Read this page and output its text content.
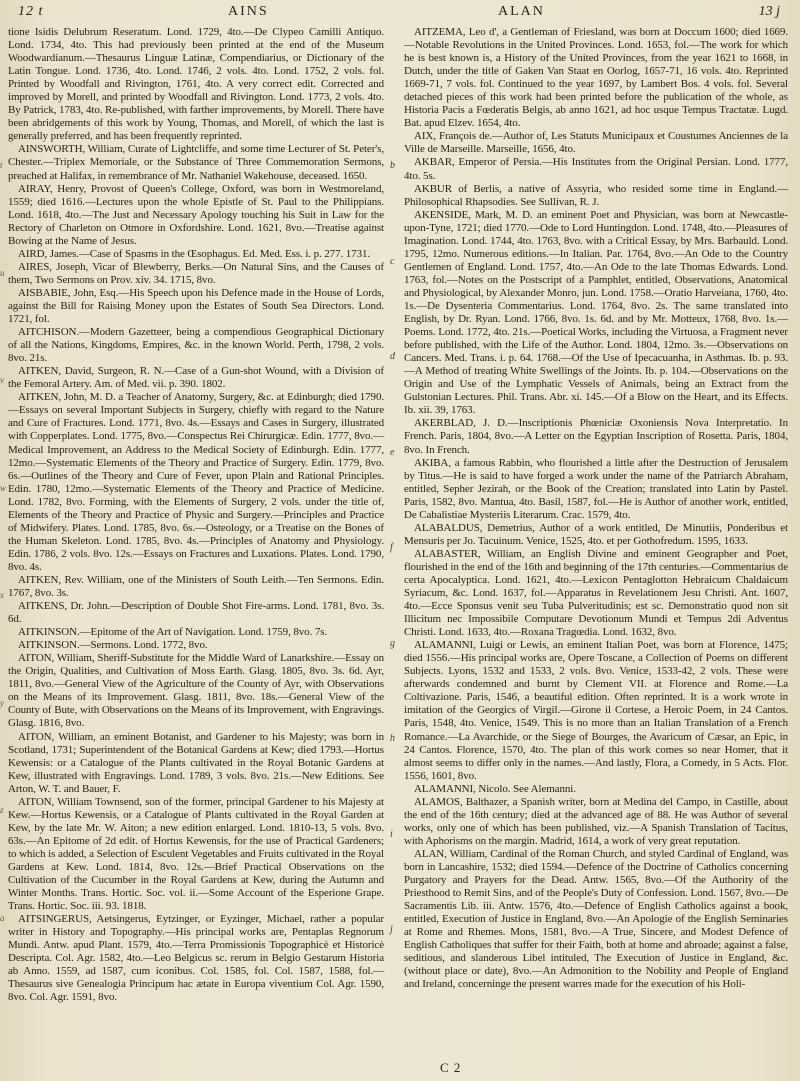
12 t	AINS	ALAN	13 j
t
u
v
w
x
y
z
a
b
c
d
e
f
g
h
i
j

tione Isidis Delubrum Reseratum. Lond. 1729, 4to.—De Clypeo Camilli Antiquo. Lond. 1734, 4to. This had previously been printed at the end of the Museum Woodwardianum.—Thesaurus Linguæ Latinæ, Compendiarius, or Dictionary of the Latin Tongue. Lond. 1736, 4to. Lond. 1746, 2 vols. 4to. Lond. 1752, 2 vols. fol. Printed by Woodfall and Rivington, 1761, 4to. A very correct edit. Corrected and improved by Morell, and printed by Woodfall and Rivington. Lond. 1773, 2 vols. 4to. By Patrick, 1783, 4to. Re-published, with farther improvements, by Morell. There have been abridgements of this work by Young, Thomas, and Morell, of which the last is generally preferred, and has been frequently reprinted.

AINSWORTH, William, Curate of Lightcliffe, and some time Lecturer of St. Peter's, Chester.—Triplex Memoriale, or the Substance of Three Commemoration Sermons, preached at Halifax, in remembrance of Mr. Nathaniel Wakehouse, deceased. 1650.

AIRAY, Henry, Provost of Queen's College, Oxford, was born in Westmoreland, 1559; died 1616.—Lectures upon the whole Epistle of St. Paul to the Philippians. Lond. 1618, 4to.—The Just and Necessary Apology touching his Suit in Law for the Rectory of Charleton on Otmore in Oxfordshire. Lond. 1621, 8vo.—Treatise against Bowing at the Name of Jesus.

AIRD, James.—Case of Spasms in the Œsophagus. Ed. Med. Ess. i. p. 277. 1731.

AIRES, Joseph, Vicar of Blewberry, Berks.—On Natural Sins, and the Causes of them, Two Sermons on Prov. xiv. 34. 1715, 8vo.

AISBABIE, John, Esq.—His Speech upon his Defence made in the House of Lords, against the Bill for Raising Money upon the Estates of South Sea Directors. Lond. 1721, fol.

AITCHISON.—Modern Gazetteer, being a compendious Geographical Dictionary of all the Nations, Kingdoms, Empires, &c. in the known World. Perth, 1798, 2 vols. 8vo. 21s.

AITKEN, David, Surgeon, R. N.—Case of a Gun-shot Wound, with a Division of the Femoral Artery. Am. of Med. vii. p. 390. 1802.

AITKEN, John, M. D. a Teacher of Anatomy, Surgery, &c. at Edinburgh; died 1790.—Essays on several Important Subjects in Surgery, chiefly with regard to the Nature and Cure of Fractures. Lond. 1771, 8vo. 4s.—Essays and Cases in Surgery, illustrated with Copperplates. Lond. 1775, 8vo.—Conspectus Rei Chirurgicæ. Edin. 1777, 8vo.—Medical Improvement, an Address to the Medical Society of Edinburgh. Edin. 1777, 12mo.—Systematic Elements of the Theory and Practice of Surgery. Edin. 1779, 8vo. 6s.—Outlines of the Theory and Cure of Fever, upon Plain and Rational Principles. Edin. 1780, 12mo.—Systematic Elements of the Theory and Practice of Medicine. Lond. 1782, 8vo. Forming, with the Elements of Surgery, 2 vols. under the title of, Elements of the Theory and Practice of Physic and Surgery.—Principles and Practice of Midwifery. Plates. Lond. 1785, 8vo. 6s.—Osteology, or a Treatise on the Bones of the Human Skeleton. Lond. 1785, 8vo. 4s.—Principles of Anatomy and Physiology. Edin. 1786, 2 vols. 8vo. 12s.—Essays on Fractures and Luxations. Plates. Lond. 1790, 8vo. 4s.

AITKEN, Rev. William, one of the Ministers of South Leith.—Ten Sermons. Edin. 1767, 8vo. 3s.

AITKENS, Dr. John.—Description of Double Shot Fire-arms. Lond. 1781, 8vo. 3s. 6d.

AITKINSON.—Epitome of the Art of Navigation. Lond. 1759, 8vo. 7s.

AITKINSON.—Sermons. Lond. 1772, 8vo.

AITON, William, Sheriff-Substitute for the Middle Ward of Lanarkshire.—Essay on the Origin, Qualities, and Cultivation of Moss Earth. Glasg. 1805, 8vo. 3s. 6d. Ayr, 1811, 8vo.—General View of the Agriculture of the County of Ayr, with Observations on the Means of its Improvement. Glasg. 1811, 8vo. 18s.—General View of the County of Bute, with Observations on the Means of its Improvement, with Engravings. Glasg. 1816, 8vo.

AITON, William, an eminent Botanist, and Gardener to his Majesty; was born in Scotland, 1731; Superintendent of the Botanical Gardens at Kew; died 1793.—Hortus Kewensis: or a Catalogue of the Plants cultivated in the Royal Botanic Gardens at Kew, illustrated with Engravings. Lond. 1789, 3 vols. 8vo. 21s.—New Editions. See Arton, W. T. and Bauer, F.

AITON, William Townsend, son of the former, principal Gardener to his Majesty at Kew.—Hortus Kewensis, or a Catalogue of Plants cultivated in the Royal Garden at Kew, by the late Mr. W. Aiton; a new edition enlarged. Lond. 1810-13, 5 vols. 8vo. 63s.—An Epitome of 2d edit. of Hortus Kewensis, for the use of Practical Gardeners; to which is added, a Selection of Esculent Vegetables and Fruits cultivated in the Royal Gardens at Kew. Lond. 1814, 8vo. 12s.—Brief Practical Observations on the Cultivation of the Cucumber in the Royal Gardens at Kew, during the Autumn and Winter Months. Trans. Hortic. Soc. vol. ii.—Some Account of the Esperione Grape. Trans. Hortic. Soc. iii. 93. 1818.

AITSINGERUS, Aetsingerus, Eytzinger, or Eyzinger, Michael, rather a popular writer in History and Topography.—His principal works are, Pentaplas Regnorum Mundi. Antw. apud Plant. 1579, 4to.—Terra Promissionis Topographicè et Historicè Descripta. Col. Agr. 1582, 4to.—Leo Belgicus sc. rerum in Belgio Gestarum Historia ab Anno. 1559, ad 1587, cum iconibus. Col. 1585, fol. Col. 1587, 1588, fol.—Thesaurus sive Genealogia Principum hac ætate in Europa viventium Col. Agr. 1590, 8vo. Col. Agr. 1591, 8vo.

AITZEMA, Leo d', a Gentleman of Friesland, was born at Doccum 1600; died 1669.—Notable Revolutions in the United Provinces. Lond. 1653, fol.—The work for which he is best known is, a History of the United Provinces, from the year 1621 to 1668, in Dutch, under the title of Gaken Van Staat en Oorlog, 1657-71, 16 vols. 4to. Reprinted 1669-71, 7 vols. fol. Continued to the year 1697, by Lambert Bos. 4 vols. fol. Several detached pieces of this work had been printed before the publication of the whole, as Historia Pacis a Fœderatis Belgis, ab anno 1621, ad hoc usque Tempus Tractatæ. Lugd. Bat. apud Elzev. 1654, 4to.

AIX, François de.—Author of, Les Statuts Municipaux et Coustumes Anciennes de la Ville de Marseille. Marseille, 1656, 4to.

AKBAR, Emperor of Persia.—His Institutes from the Original Persian. Lond. 1777, 4to. 5s.

AKBUR of Berlis, a native of Assyria, who resided some time in England.—Philosophical Rhapsodies. See Sullivan, R. J.

AKENSIDE, Mark, M. D. an eminent Poet and Physician, was born at Newcastle-upon-Tyne, 1721; died 1770.—Ode to Lord Huntingdon. Lond. 1748, 4to.—Pleasures of Imagination. Lond. 1744, 4to. 1763, 8vo. with a Critical Essay, by Mrs. Barbauld. Lond. 1795, 12mo. Numerous editions.—In Italian. Par. 1764, 8vo.—An Ode to the Country Gentlemen of England. Lond. 1757, 4to.—An Ode to the late Thomas Edwards. Lond. 1763, fol.—Notes on the Postscript of a Pamphlet, entitled, Observations, Anatomical and Physiological, by Alexander Monro, jun. Lond. 1758.—Oratio Harveiana, 1760, 4to. 1s.—De Dysenteria Commentarius. Lond. 1764, 8vo. 2s. The same translated into English, by Dr. Ryan. Lond. 1766, 8vo. 1s. 6d. and by Mr. Motteux, 1768, 8vo. 1s.—Poems. Lond. 1772, 4to. 21s.—Poetical Works, including the Virtuosa, a Fragment never before published, with the Life of the Author. Lond. 1804, 12mo. 3s.—Observations on Cancers. Med. Trans. i. p. 64. 1768.—Of the Use of Ipecacuanha, in Asthmas. Ib. p. 93.—A Method of treating White Swellings of the Joints. Ib. p. 104.—Observations on the Origin and Use of the Lymphatic Vessels of Animals, being an Extract from the Gulstonian Lectures. Phil. Trans. Abr. xi. 145.—Of a Blow on the Heart, and its Effects. Ib. xii. 39, 1763.

AKERBLAD, J. D.—Inscriptionis Phœniciæ Oxoniensis Nova Interpretatio. In French. Paris, 1804, 8vo.—A Letter on the Egyptian Inscription of Rosetta. Paris, 1804, 8vo. In French.

AKIBA, a famous Rabbin, who flourished a little after the Destruction of Jerusalem by Titus.—He is said to have forged a work under the name of the Patriarch Abraham, entitled, Sepher Jezirah, or the Book of the Creation; translated into Latin by Pastel. Paris, 1582, 8vo. Mantua, 4to. Basil, 1587, fol.—He is Author of another work, entitled, De Cabalistiae Mysteriis Literarum. Crac. 1579, 4to.

ALABALDUS, Demetrius, Author of a work entitled, De Minutiis, Ponderibus et Mensuris per Jo. Tacuinum. Venice, 1525, 4to. et per Gothofredum. 1595, 1633.

ALABASTER, William, an English Divine and eminent Geographer and Poet, flourished in the end of the 16th and beginning of the 17th centuries.—Commentarius de certa Apocalyptica. Lond. 1621, 4to.—Lexicon Pentaglotton Hebraicum Chaldaicum Syriacum, &c. Lond. 1637, fol.—Apparatus in Revelationem Jesu Christi. Ant. 1607, 4to.—Ecce Sponsus venit seu Tuba Pulveritudinis; est sc. Demonstratio quod non sit Illicitum nec Impossibile Computare Devotionum Mundi et Tempus 2di Adventus Christi. Lond. 1633, 4to.—Roxana Tragœdia. Lond. 1632, 8vo.

ALAMANNI, Luigi or Lewis, an eminent Italian Poet, was born at Florence, 1475; died 1556.—His principal works are, Opere Toscane, a Collection of Poems on different Subjects. Lyons, 1532 and 1533, 2 vols. 8vo. Venice, 1533-42, 2 vols. These were afterwards condemned and burnt by Clement VII. at Florence and Rome.—La Coltivazione. Paris, 1546, a beautiful edition. Often reprinted. It is a work wrote in imitation of the Georgics of Virgil.—Girone il Cortese, a Heroic Poem, in 24 Cantos. Paris, 1548, 4to. Venice, 1549. This is no more than an Italian Translation of a French Romance.—La Avarchide, or the Siege of Bourges, the Avaricum of Cæsar, an Epic, in 24 Cantos. Florence, 1570, 4to. The plan of this work comes so near Homer, that it almost seems to differ only in the names.—And lastly, Flora, a Comedy, in 5 Acts. Flor. 1556, 1601, 8vo.

ALAMANNI, Nicolo. See Alemanni.

ALAMOS, Balthazer, a Spanish writer, born at Medina del Campo, in Castille, about the end of the 16th century; died at the advanced age of 88. He was Author of several works, only one of which has been published, viz.—A Spanish Translation of Tacitus, with Aphorisms on the margin. Madrid, 1614, a work of very great reputation.

ALAN, William, Cardinal of the Roman Church, and styled Cardinal of England, was born in Lancashire, 1532; died 1594.—Defence of the Doctrine of Catholics concerning Purgatory and Prayers for the Dead. Antw. 1565, 8vo.—Of the Authority of the Priesthood to Remit Sins, and of the People's Duty of Confession. Lond. 1567, 8vo.—De Sacramentis Lib. iii. Antw. 1576, 4to.—Defence of English Catholics against a book, entitled, Execution of Justice in England, 8vo.—An Apologie of the English Seminaries at Rome and Rhemes. Mons, 1581, 8vo.—A True, Sincere, and Modest Defence of English Catholiques that suffer for their Faith, both at home and abroade; against a false, seditious, and slanderous Libel intituled, The Execution of Justice in England, &c. (without place or date), 8vo.—An Admonition to the Nobility and People of England and Ireland, concerninge the present warres made for the execution of his Holi-

C 2
